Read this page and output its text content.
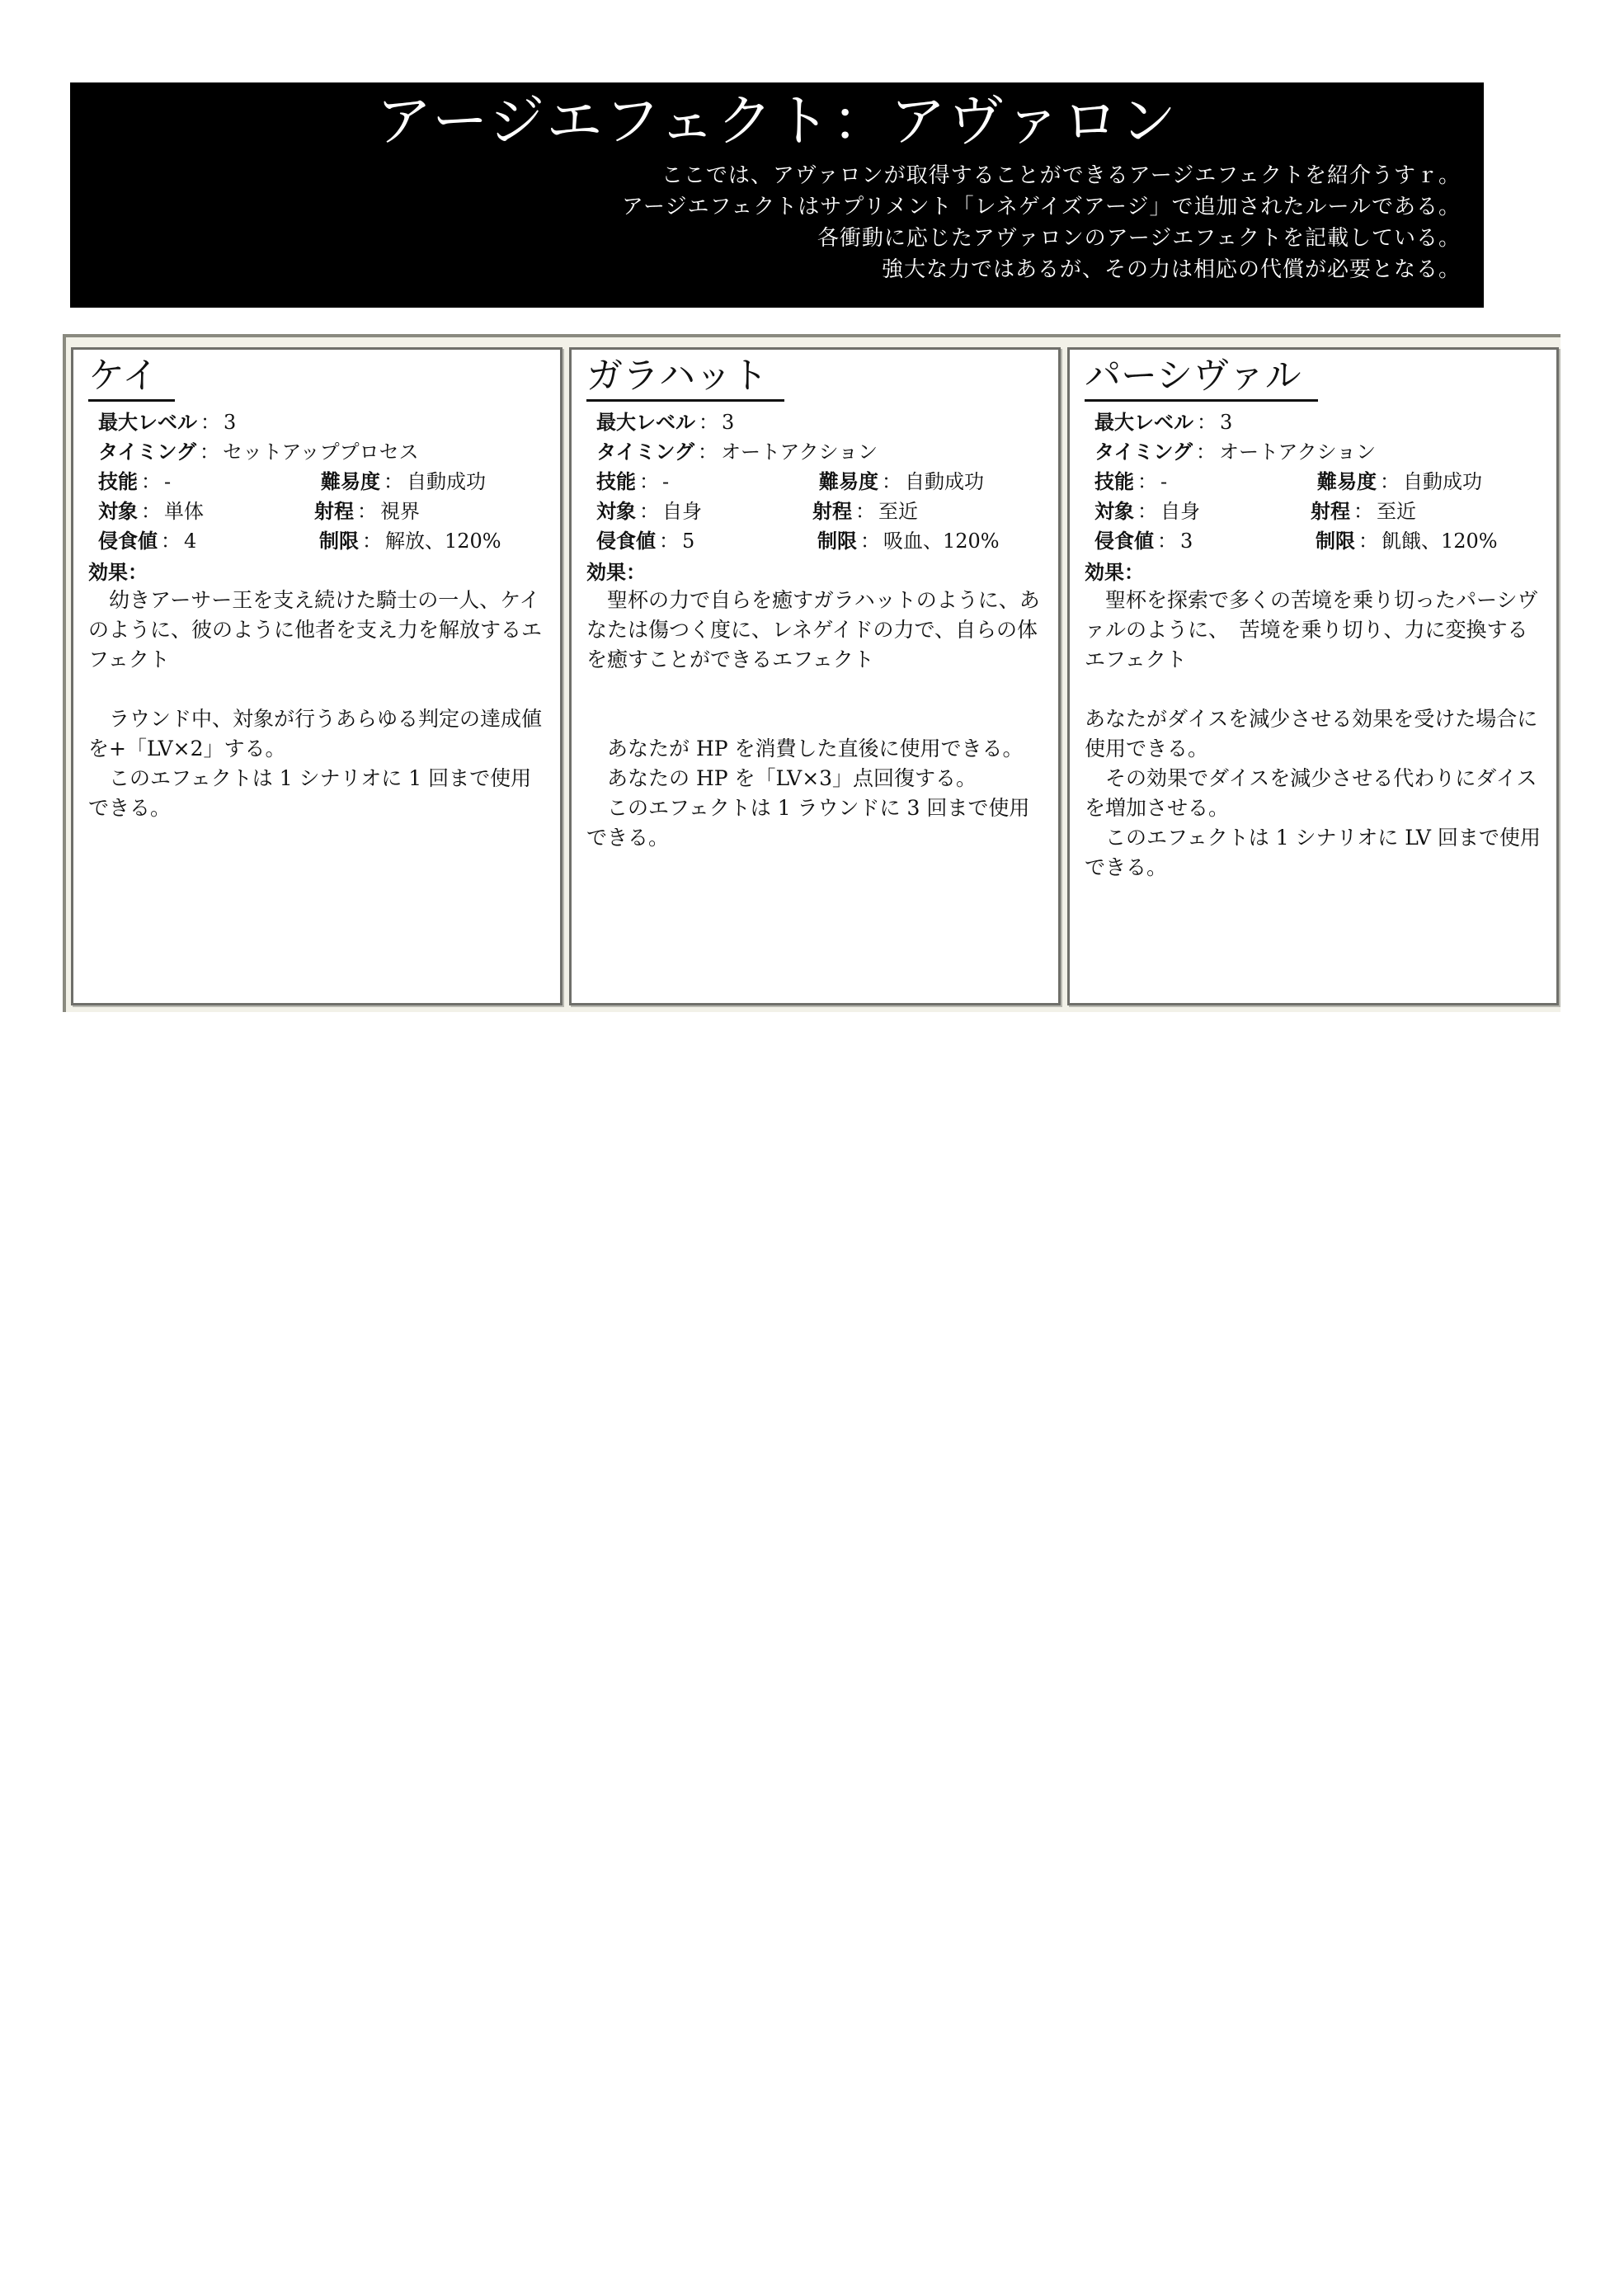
アージエフェクト：アヴァロン
ここでは、アヴァロンが取得することができるアージエフェクトを紹介うすｒ。
アージエフェクトはサプリメント「レネゲイズアージ」で追加されたルールである。
各衝動に応じたアヴァロンのアージエフェクトを記載している。
強大な力ではあるが、その力は相応の代償が必要となる。
ケイ
最大レベル ： 3
タイミング ： セットアッププロセス
技能 ： -
対象 ： 単体
侵食値 ： 4
難易度 ： 自動成功
射程 ： 視界
制限 ： 解放、120%
効果：
　幼きアーサー王を支え続けた騎士の一人、ケイのように、彼のように他者を支え力を解放するエフェクト
　ラウンド中、対象が行うあらゆる判定の達成値を+「LV×2」する。
　このエフェクトは 1 シナリオに 1 回まで使用できる。
ガラハット
最大レベル ： 3
タイミング ： オートアクション
技能 ： -
対象 ： 自身
侵食値 ： 5
難易度 ： 自動成功
射程 ： 至近
制限 ： 吸血、120%
効果：
　聖杯の力で自らを癒すガラハットのように、あなたは傷つく度に、レネゲイドの力で、自らの体を癒すことができるエフェクト
　あなたが HP を消費した直後に使用できる。
　あなたの HP を「LV×3」点回復する。
　このエフェクトは 1 ラウンドに 3 回まで使用できる。
パーシヴァル
最大レベル ： 3
タイミング ： オートアクション
技能 ： -
対象 ： 自身
侵食値 ： 3
難易度 ： 自動成功
射程 ： 至近
制限 ： 飢餓、120%
効果：
　聖杯を探索で多くの苦境を乗り切ったパーシヴァルのように、　苦境を乗り切り、力に変換するエフェクト
あなたがダイスを減少させる効果を受けた場合に使用できる。
　その効果でダイスを減少させる代わりにダイスを増加させる。
　このエフェクトは 1 シナリオに LV 回まで使用できる。
